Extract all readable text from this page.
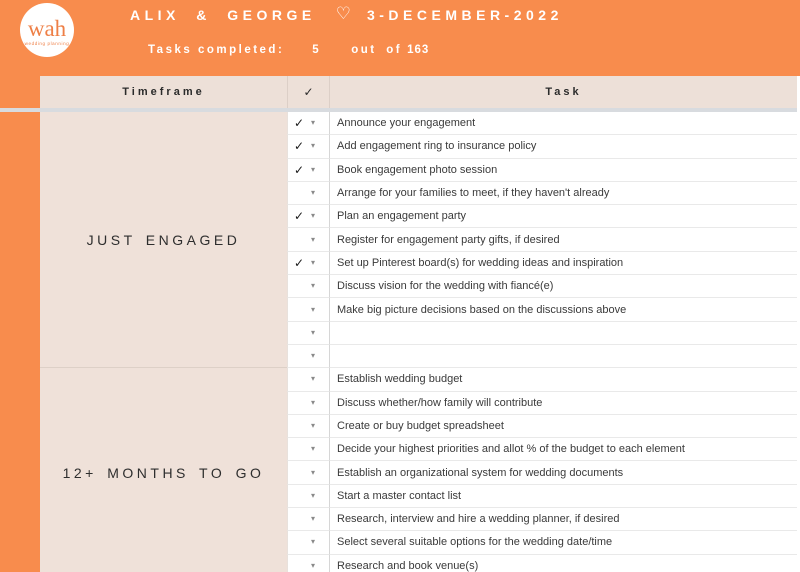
wah
wedding planning
ALIX & GEORGE ♡ 3-DECEMBER-2022
Tasks completed: 5	out of 163
Timeframe	✓	Task
JUST ENGAGED
✓ ▾	Announce your engagement
✓ ▾	Add engagement ring to insurance policy
✓ ▾	Book engagement photo session
▾	Arrange for your families to meet, if they haven't already
✓ ▾	Plan an engagement party
▾	Register for engagement party gifts, if desired
✓ ▾	Set up Pinterest board(s) for wedding ideas and inspiration
▾	Discuss vision for the wedding with fiancé(e)
▾	Make big picture decisions based on the discussions above
▾
▾
12+ MONTHS TO GO
▾	Establish wedding budget
▾	Discuss whether/how family will contribute
▾	Create or buy budget spreadsheet
▾	Decide your highest priorities and allot % of the budget to each element
▾	Establish an organizational system for wedding documents
▾	Start a master contact list
▾	Research, interview and hire a wedding planner, if desired
▾	Select several suitable options for the wedding date/time
▾	Research and book venue(s)
